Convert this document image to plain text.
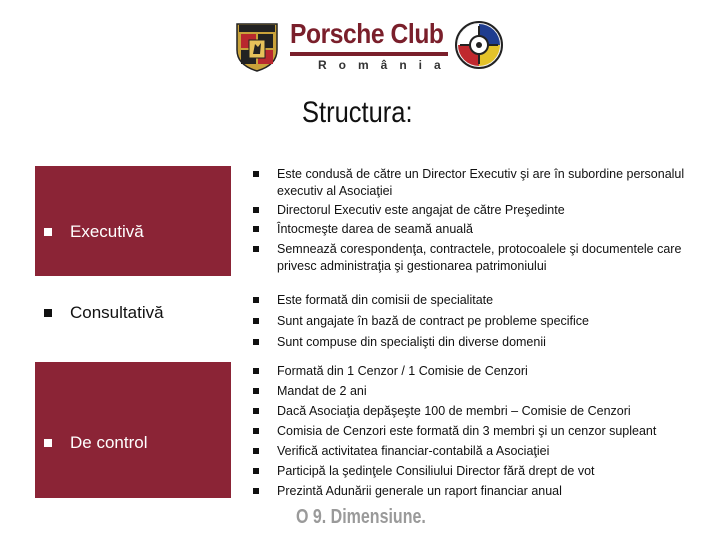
Porsche Club
România
Structura:
Executivă
Consultativă
De control
Este condusă de către un Director Executiv şi are în subordine personalul executiv al Asociaţiei
Directorul Executiv este angajat de către Preşedinte
Întocmeşte darea de seamă anuală
Semnează corespondenţa, contractele, protocoalele şi documentele care privesc administraţia şi gestionarea patrimoniului
Este formată din comisii de specialitate
Sunt angajate în bază de contract pe probleme specifice
Sunt compuse din specialişti din diverse domenii
Formată din 1 Cenzor / 1 Comisie de Cenzori
Mandat de 2 ani
Dacă Asociaţia depăşeşte 100 de membri – Comisie de Cenzori
Comisia de Cenzori este formată din 3 membri şi un cenzor supleant
Verifică activitatea financiar-contabilă a Asociaţiei
Participă la şedinţele Consiliului Director fără drept de vot
Prezintă Adunării generale un raport financiar anual
O 9. Dimensiune.
